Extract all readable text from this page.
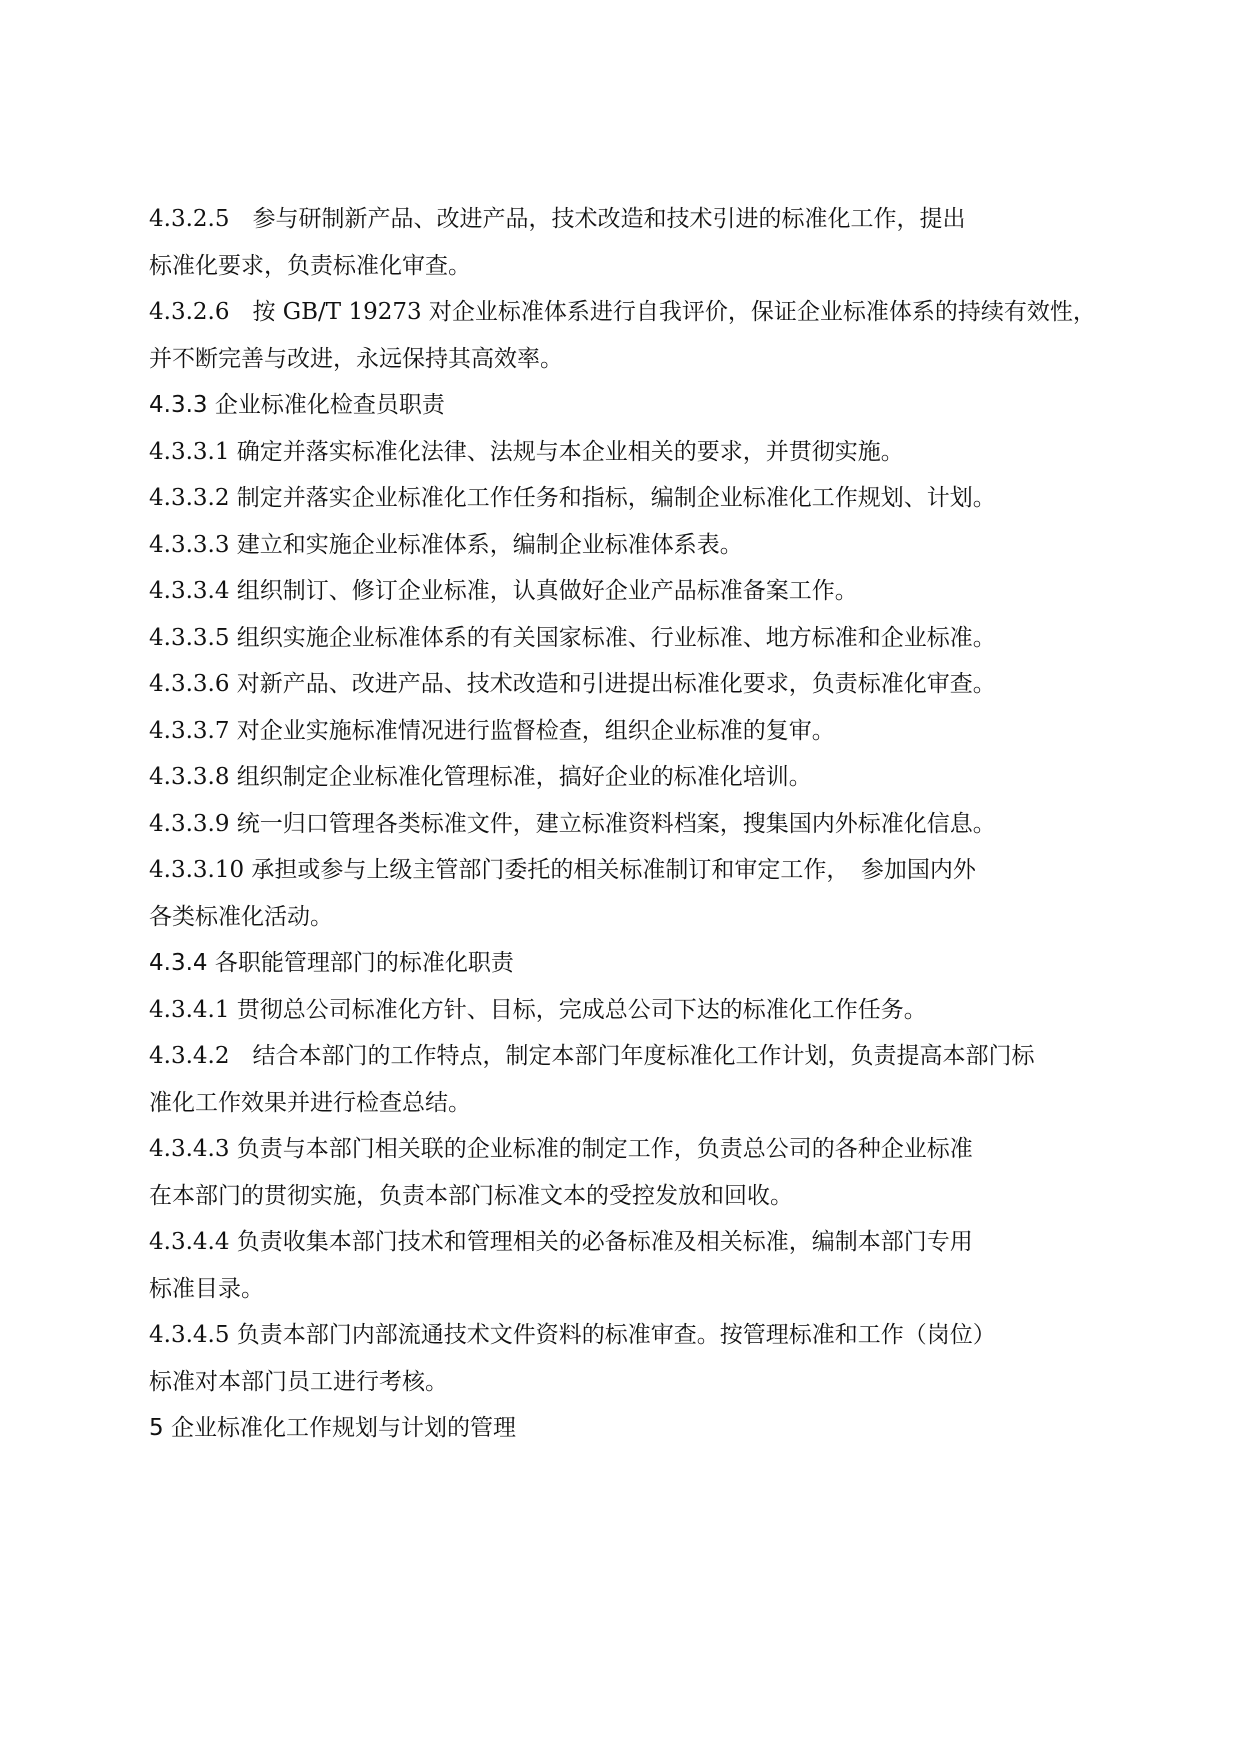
4.3.2.5　参与研制新产品、改进产品，技术改造和技术引进的标准化工作，提出
标准化要求，负责标准化审查。

4.3.2.6　按 GB/T 19273 对企业标准体系进行自我评价，保证企业标准体系的持续有效性，
并不断完善与改进，永远保持其高效率。

4.3.3 企业标准化检查员职责

4.3.3.1 确定并落实标准化法律、法规与本企业相关的要求，并贯彻实施。

4.3.3.2 制定并落实企业标准化工作任务和指标，编制企业标准化工作规划、计划。

4.3.3.3 建立和实施企业标准体系，编制企业标准体系表。

4.3.3.4 组织制订、修订企业标准，认真做好企业产品标准备案工作。

4.3.3.5 组织实施企业标准体系的有关国家标准、行业标准、地方标准和企业标准。

4.3.3.6 对新产品、改进产品、技术改造和引进提出标准化要求，负责标准化审查。

4.3.3.7 对企业实施标准情况进行监督检查，组织企业标准的复审。

4.3.3.8 组织制定企业标准化管理标准，搞好企业的标准化培训。

4.3.3.9 统一归口管理各类标准文件，建立标准资料档案，搜集国内外标准化信息。

4.3.3.10 承担或参与上级主管部门委托的相关标准制订和审定工作，　参加国内外
各类标准化活动。

4.3.4 各职能管理部门的标准化职责

4.3.4.1 贯彻总公司标准化方针、目标，完成总公司下达的标准化工作任务。

4.3.4.2　结合本部门的工作特点，制定本部门年度标准化工作计划，负责提高本部门标
准化工作效果并进行检查总结。

4.3.4.3 负责与本部门相关联的企业标准的制定工作，负责总公司的各种企业标准
在本部门的贯彻实施，负责本部门标准文本的受控发放和回收。

4.3.4.4 负责收集本部门技术和管理相关的必备标准及相关标准，编制本部门专用
标准目录。

4.3.4.5 负责本部门内部流通技术文件资料的标准审查。按管理标准和工作（岗位）
标准对本部门员工进行考核。

5 企业标准化工作规划与计划的管理
